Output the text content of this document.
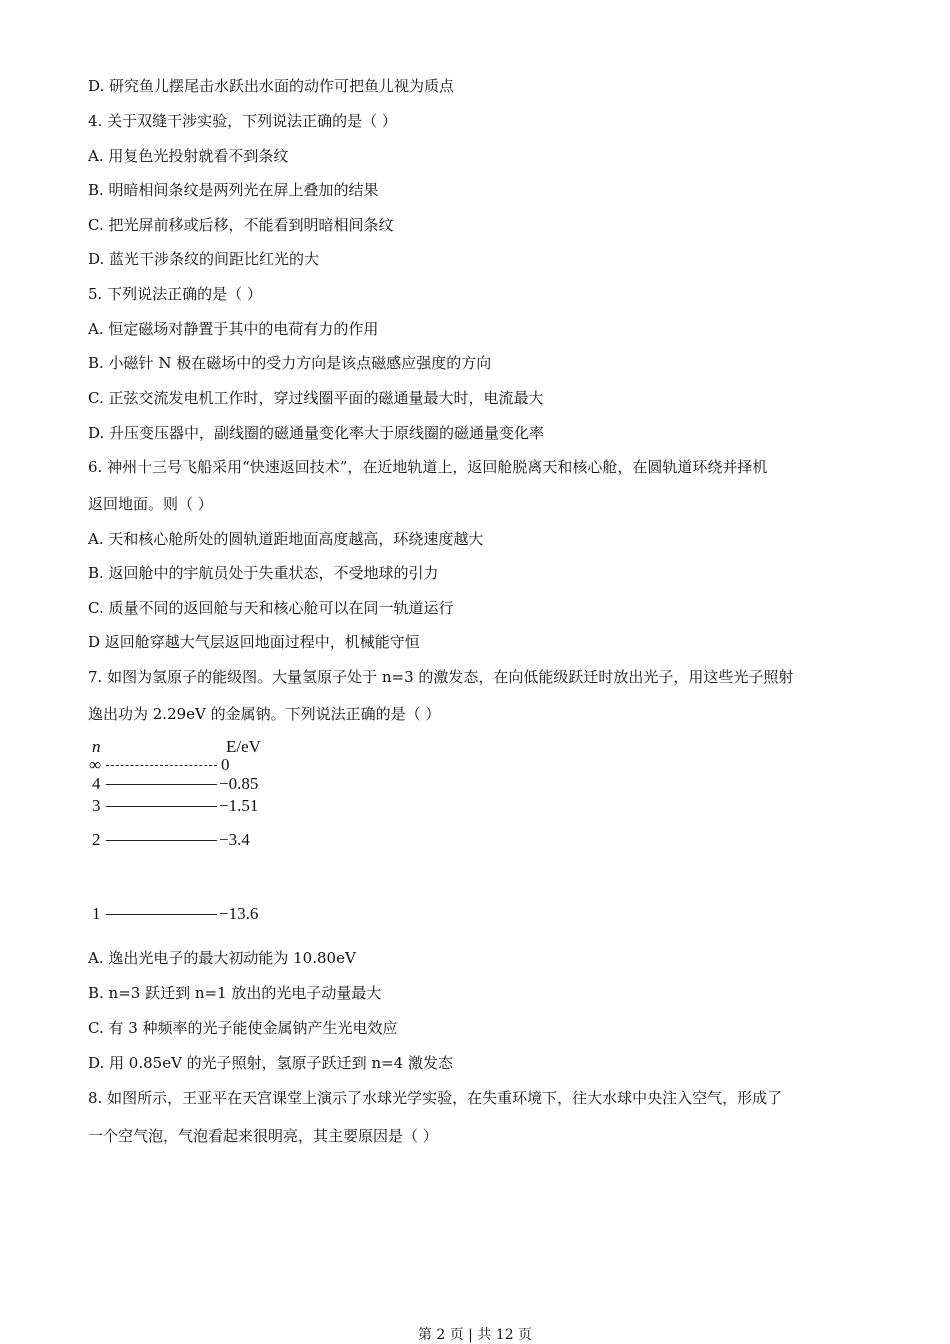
D. 研究鱼儿摆尾击水跃出水面的动作可把鱼儿视为质点
4. 关于双缝干涉实验，下列说法正确的是（ ）
A. 用复色光投射就看不到条纹
B. 明暗相间条纹是两列光在屏上叠加的结果
C. 把光屏前移或后移，不能看到明暗相间条纹
D. 蓝光干涉条纹的间距比红光的大
5. 下列说法正确的是（ ）
A. 恒定磁场对静置于其中的电荷有力的作用
B. 小磁针 N 极在磁场中的受力方向是该点磁感应强度的方向
C. 正弦交流发电机工作时，穿过线圈平面的磁通量最大时，电流最大
D. 升压变压器中，副线圈的磁通量变化率大于原线圈的磁通量变化率
6. 神州十三号飞船采用“快速返回技术”，在近地轨道上，返回舱脱离天和核心舱，在圆轨道环绕并择机
返回地面。则（ ）
A. 天和核心舱所处的圆轨道距地面高度越高，环绕速度越大
B. 返回舱中的宇航员处于失重状态，不受地球的引力
C. 质量不同的返回舱与天和核心舱可以在同一轨道运行
D 返回舱穿越大气层返回地面过程中，机械能守恒
7. 如图为氢原子的能级图。大量氢原子处于 n=3 的激发态，在向低能级跃迁时放出光子，用这些光子照射
逸出功为 2.29eV 的金属钠。下列说法正确的是（ ）
n	E/eV
∞	0
4	−0.85
3	−1.51
2	−3.4
1	−13.6
A. 逸出光电子的最大初动能为 10.80eV
B. n=3 跃迁到 n=1 放出的光电子动量最大
C. 有 3 种频率的光子能使金属钠产生光电效应
D. 用 0.85eV 的光子照射，氢原子跃迁到 n=4 激发态
8. 如图所示，王亚平在天宫课堂上演示了水球光学实验，在失重环境下，往大水球中央注入空气，形成了
一个空气泡，气泡看起来很明亮，其主要原因是（ ）
第 2 页 | 共 12 页
